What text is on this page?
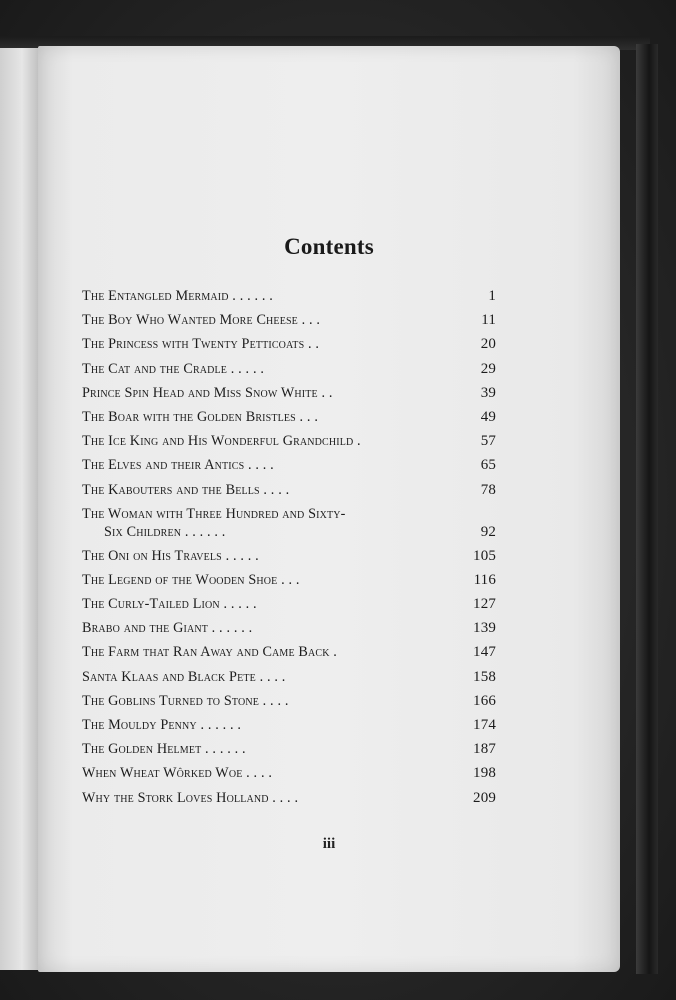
Contents
The Entangled Mermaid . . . . . .	1
The Boy Who Wanted More Cheese . . .	11
The Princess with Twenty Petticoats . .	20
The Cat and the Cradle . . . . .	29
Prince Spin Head and Miss Snow White . .	39
The Boar with the Golden Bristles . . .	49
The Ice King and His Wonderful Grandchild .	57
The Elves and their Antics . . . .	65
The Kabouters and the Bells . . . .	78
The Woman with Three Hundred and Sixty-
Six Children . . . . . .	92
The Oni on His Travels . . . . .	105
The Legend of the Wooden Shoe . . .	116
The Curly-Tailed Lion . . . . .	127
Brabo and the Giant . . . . . .	139
The Farm that Ran Away and Came Back .	147
Santa Klaas and Black Pete . . . .	158
The Goblins Turned to Stone . . . .	166
The Mouldy Penny . . . . . .	174
The Golden Helmet . . . . . .	187
When Wheat Wôrked Woe . . . .	198
Why the Stork Loves Holland . . . .	209
iii
